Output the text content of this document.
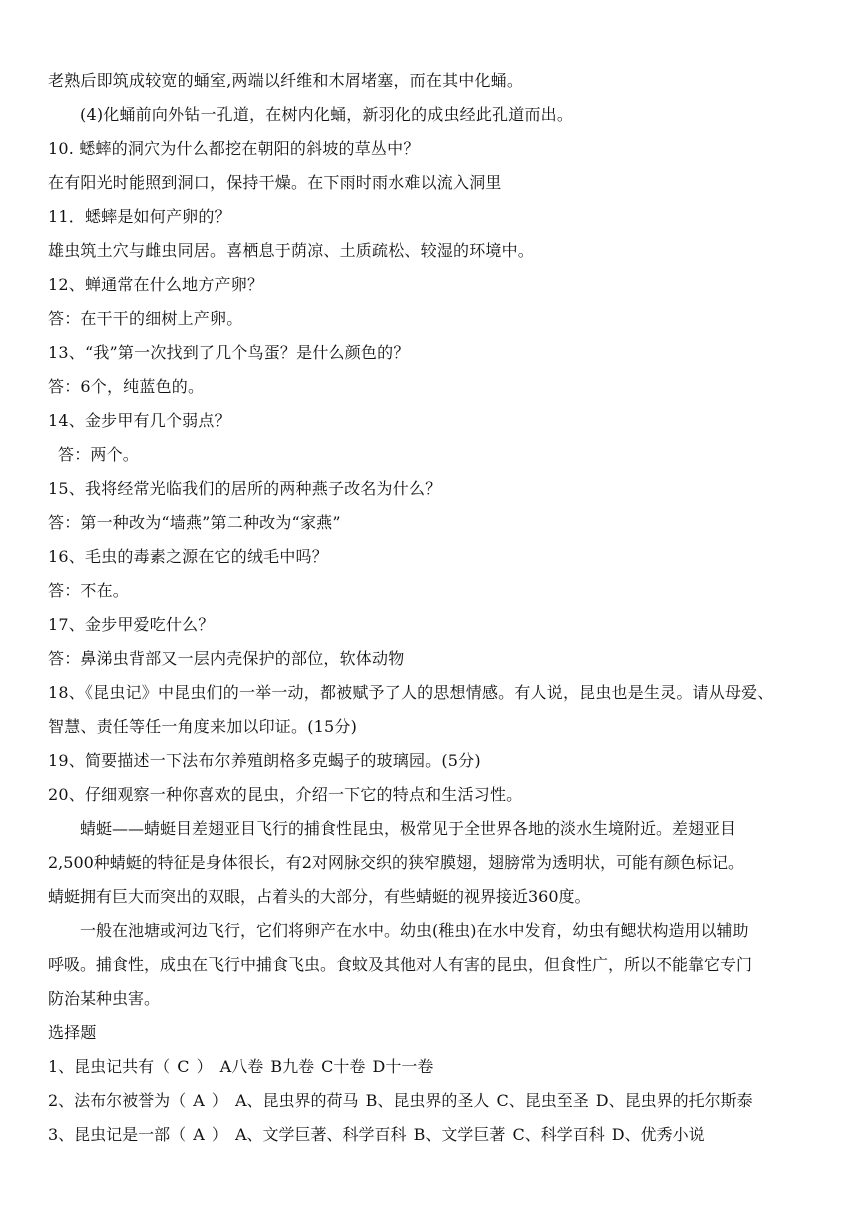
老熟后即筑成较宽的蛹室,两端以纤维和木屑堵塞，而在其中化蛹。
(4)化蛹前向外钻一孔道，在树内化蛹，新羽化的成虫经此孔道而出。
10. 蟋蟀的洞穴为什么都挖在朝阳的斜坡的草丛中？
在有阳光时能照到洞口，保持干燥。在下雨时雨水难以流入洞里
11．蟋蟀是如何产卵的？
雄虫筑土穴与雌虫同居。喜栖息于荫凉、土质疏松、较湿的环境中。
12、蝉通常在什么地方产卵？
答：在干干的细树上产卵。
13、“我”第一次找到了几个鸟蛋？是什么颜色的？
答：6个，纯蓝色的。
14、金步甲有几个弱点？
答：两个。
15、我将经常光临我们的居所的两种燕子改名为什么？
答：第一种改为“墙燕”第二种改为“家燕”
16、毛虫的毒素之源在它的绒毛中吗？
答：不在。
17、金步甲爱吃什么？
答：鼻涕虫背部又一层内壳保护的部位，软体动物
18、《昆虫记》中昆虫们的一举一动，都被赋予了人的思想情感。有人说，昆虫也是生灵。请从母爱、
智慧、责任等任一角度来加以印证。(15分)
19、简要描述一下法布尔养殖朗格多克蝎子的玻璃园。(5分)
20、仔细观察一种你喜欢的昆虫，介绍一下它的特点和生活习性。
蜻蜓——蜻蜓目差翅亚目飞行的捕食性昆虫，极常见于全世界各地的淡水生境附近。差翅亚目
2,500种蜻蜓的特征是身体很长，有2对网脉交织的狭窄膜翅，翅膀常为透明状，可能有颜色标记。
蜻蜓拥有巨大而突出的双眼，占着头的大部分，有些蜻蜓的视界接近360度。
一般在池塘或河边飞行，它们将卵产在水中。幼虫(稚虫)在水中发育，幼虫有鳃状构造用以辅助
呼吸。捕食性，成虫在飞行中捕食飞虫。食蚊及其他对人有害的昆虫，但食性广，所以不能靠它专门
防治某种虫害。
选择题
1、昆虫记共有（ C ） A八卷 B九卷 C十卷 D十一卷
2、法布尔被誉为（ A ） A、昆虫界的荷马 B、昆虫界的圣人 C、昆虫至圣 D、昆虫界的托尔斯泰
3、昆虫记是一部（ A ） A、文学巨著、科学百科 B、文学巨著 C、科学百科 D、优秀小说
